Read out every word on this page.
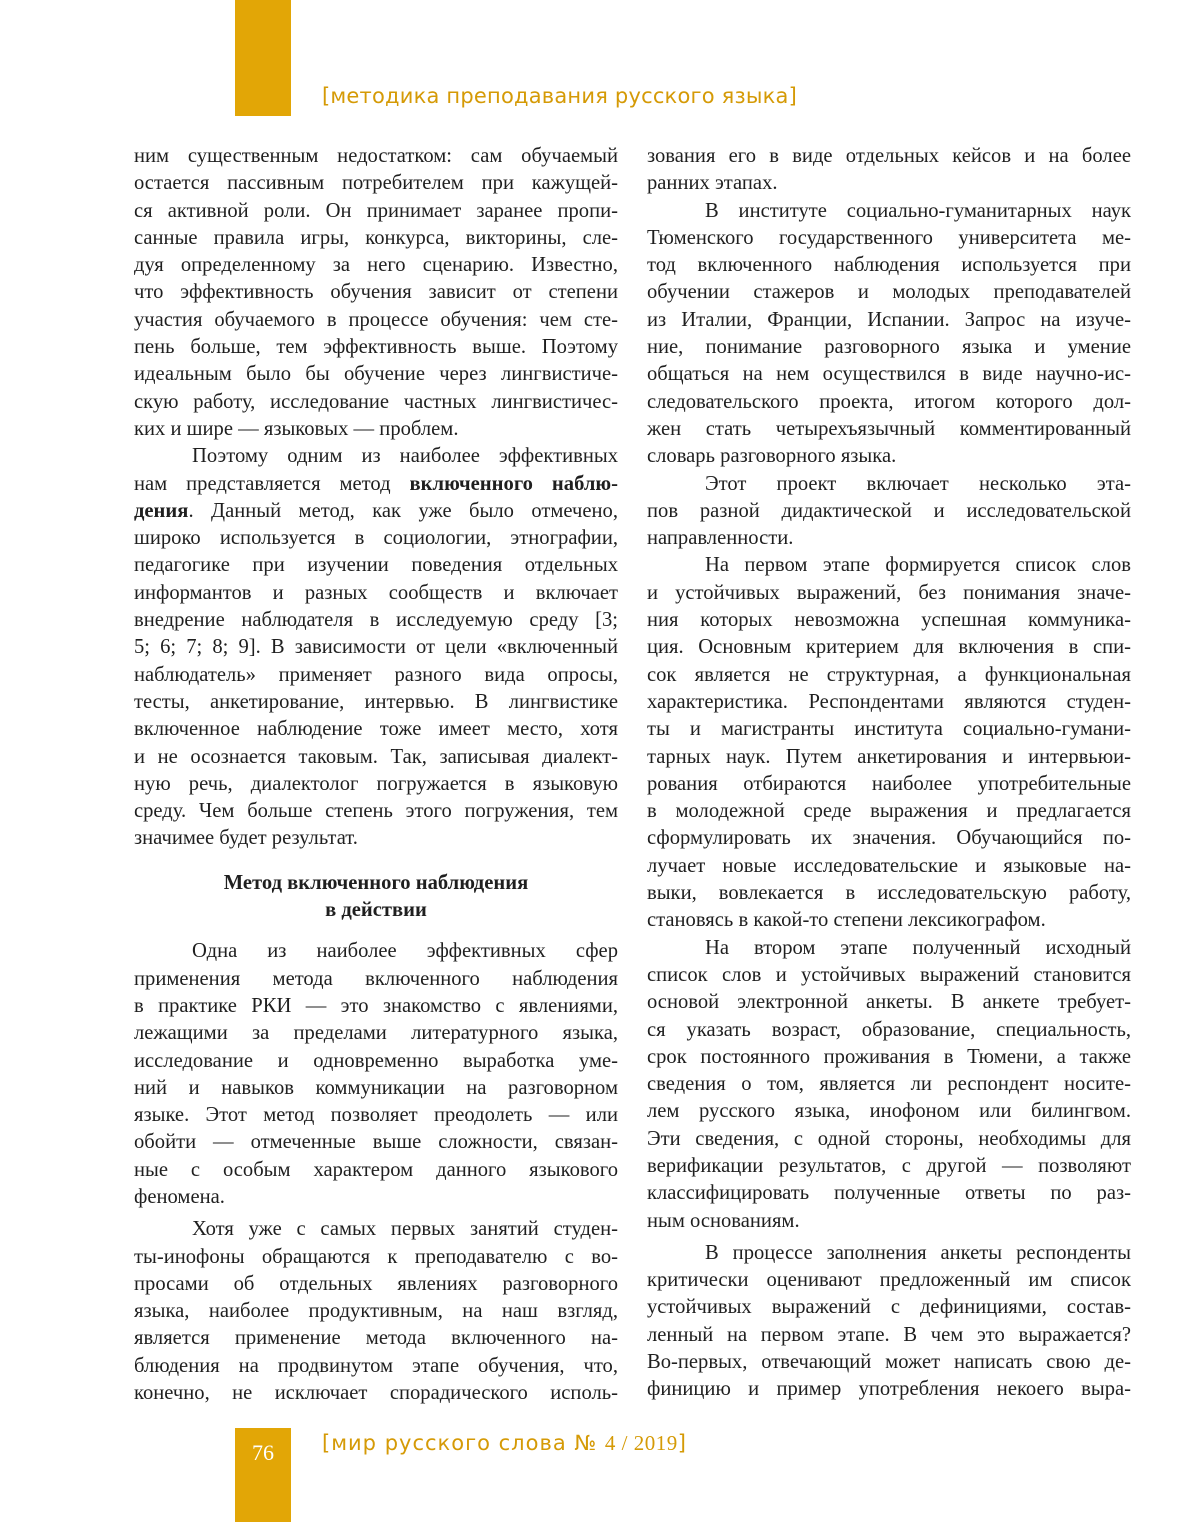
[методика преподавания русского языка]
ним существенным недостатком: сам обучаемый
остается пассивным потребителем при кажущей-
ся активной роли. Он принимает заранее пропи-
санные правила игры, конкурса, викторины, сле-
дуя определенному за него сценарию. Известно,
что эффективность обучения зависит от степени
участия обучаемого в процессе обучения: чем сте-
пень больше, тем эффективность выше. Поэтому
идеальным было бы обучение через лингвистиче-
скую работу, исследование частных лингвистичес-
ких и шире — языковых — проблем.
Поэтому одним из наиболее эффективных
нам представляется метод включенного наблю-
дения. Данный метод, как уже было отмечено,
широко используется в социологии, этнографии,
педагогике при изучении поведения отдельных
информантов и разных сообществ и включает
внедрение наблюдателя в исследуемую среду [3;
5; 6; 7; 8; 9]. В зависимости от цели «включенный
наблюдатель» применяет разного вида опросы,
тесты, анкетирование, интервью. В лингвистике
включенное наблюдение тоже имеет место, хотя
и не осознается таковым. Так, записывая диалект-
ную речь, диалектолог погружается в языковую
среду. Чем больше степень этого погружения, тем
значимее будет результат.
Метод включенного наблюдения
в действии
Одна из наиболее эффективных сфер
применения метода включенного наблюдения
в практике РКИ — это знакомство с явлениями,
лежащими за пределами литературного языка,
исследование и одновременно выработка уме-
ний и навыков коммуникации на разговорном
языке. Этот метод позволяет преодолеть — или
обойти — отмеченные выше сложности, связан-
ные с особым характером данного языкового
феномена.
Хотя уже с самых первых занятий студен-
ты-инофоны обращаются к преподавателю с во-
просами об отдельных явлениях разговорного
языка, наиболее продуктивным, на наш взгляд,
является применение метода включенного на-
блюдения на продвинутом этапе обучения, что,
конечно, не исключает спорадического исполь-
зования его в виде отдельных кейсов и на более
ранних этапах.
В институте социально-гуманитарных наук
Тюменского государственного университета ме-
тод включенного наблюдения используется при
обучении стажеров и молодых преподавателей
из Италии, Франции, Испании. Запрос на изуче-
ние, понимание разговорного языка и умение
общаться на нем осуществился в виде научно-ис-
следовательского проекта, итогом которого дол-
жен стать четырехъязычный комментированный
словарь разговорного языка.
Этот проект включает несколько эта-
пов разной дидактической и исследовательской
направленности.
На первом этапе формируется список слов
и устойчивых выражений, без понимания значе-
ния которых невозможна успешная коммуника-
ция. Основным критерием для включения в спи-
сок является не структурная, а функциональная
характеристика. Респондентами являются студен-
ты и магистранты института социально-гумани-
тарных наук. Путем анкетирования и интервьюи-
рования отбираются наиболее употребительные
в молодежной среде выражения и предлагается
сформулировать их значения. Обучающийся по-
лучает новые исследовательские и языковые на-
выки, вовлекается в исследовательскую работу,
становясь в какой-то степени лексикографом.
На втором этапе полученный исходный
список слов и устойчивых выражений становится
основой электронной анкеты. В анкете требует-
ся указать возраст, образование, специальность,
срок постоянного проживания в Тюмени, а также
сведения о том, является ли респондент носите-
лем русского языка, инофоном или билингвом.
Эти сведения, с одной стороны, необходимы для
верификации результатов, с другой — позволяют
классифицировать полученные ответы по раз-
ным основаниям.
В процессе заполнения анкеты респонденты
критически оценивают предложенный им список
устойчивых выражений с дефинициями, состав-
ленный на первом этапе. В чем это выражается?
Во-первых, отвечающий может написать свою де-
финицию и пример употребления некоего выра-
76	[мир русского слова № 4 / 2019]
